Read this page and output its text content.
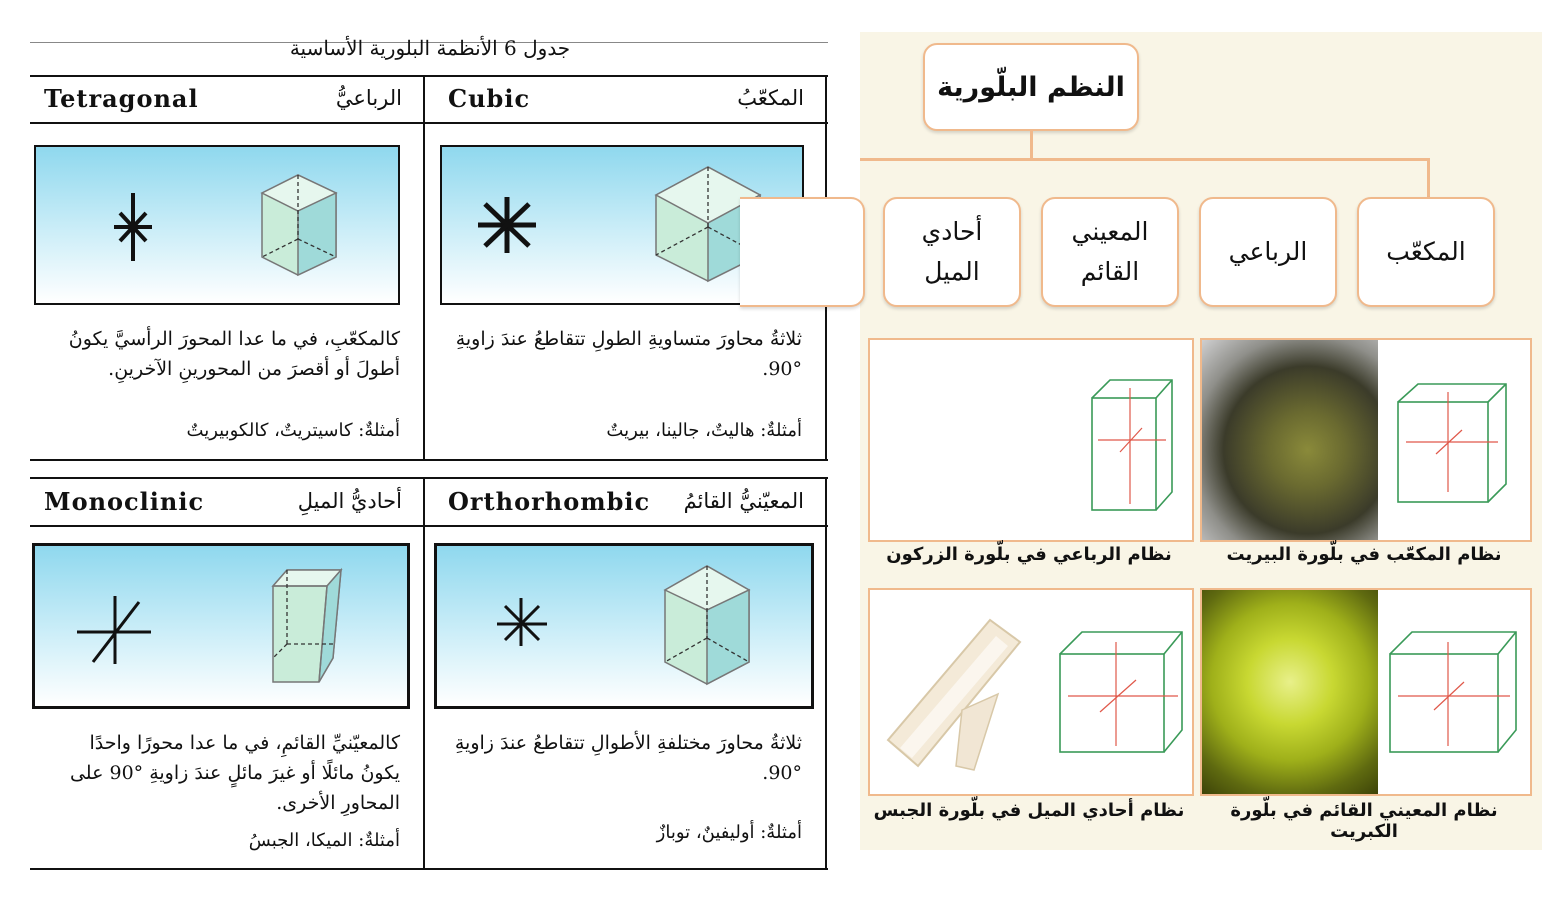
جدول 6 الأنظمة البلورية الأساسية
Cubic	المكعّبُ
ثلاثةُ محاورَ متساويةِ الطولِ تتقاطعُ عندَ زاويةِ °90.
أمثلةٌ: هاليتٌ، جالينا، بيريتٌ
Tetragonal	الرباعيُّ
كالمكعّبِ، في ما عدا المحورَ الرأسيَّ يكونُ أطولَ أو أقصرَ من المحورينِ الآخرينِ.
أمثلةٌ: كاسيتريتٌ، كالكوبيريتٌ
Orthorhombic المعيّنيُّ القائمُ
ثلاثةُ محاورَ مختلفةِ الأطوالِ تتقاطعُ عندَ زاويةِ °90.
أمثلةٌ: أوليفينٌ، توبازٌ
Monoclinic	أحاديُّ الميلِ
كالمعيّنيِّ القائمِ، في ما عدا محورًا واحدًا يكونُ مائلًا أو غيرَ مائلٍ عندَ زاويةِ °90 على المحاورِ الأخرى.
أمثلةٌ: الميكا، الجبسُ
النظم البلّورية
المكعّب
الرباعي
المعيني القائم
أحادي الميل
نظام المكعّب في بلّورة البيريت
نظام الرباعي في بلّورة الزركون
نظام المعيني القائم في بلّورة الكبريت
نظام أحادي الميل في بلّورة الجبس
